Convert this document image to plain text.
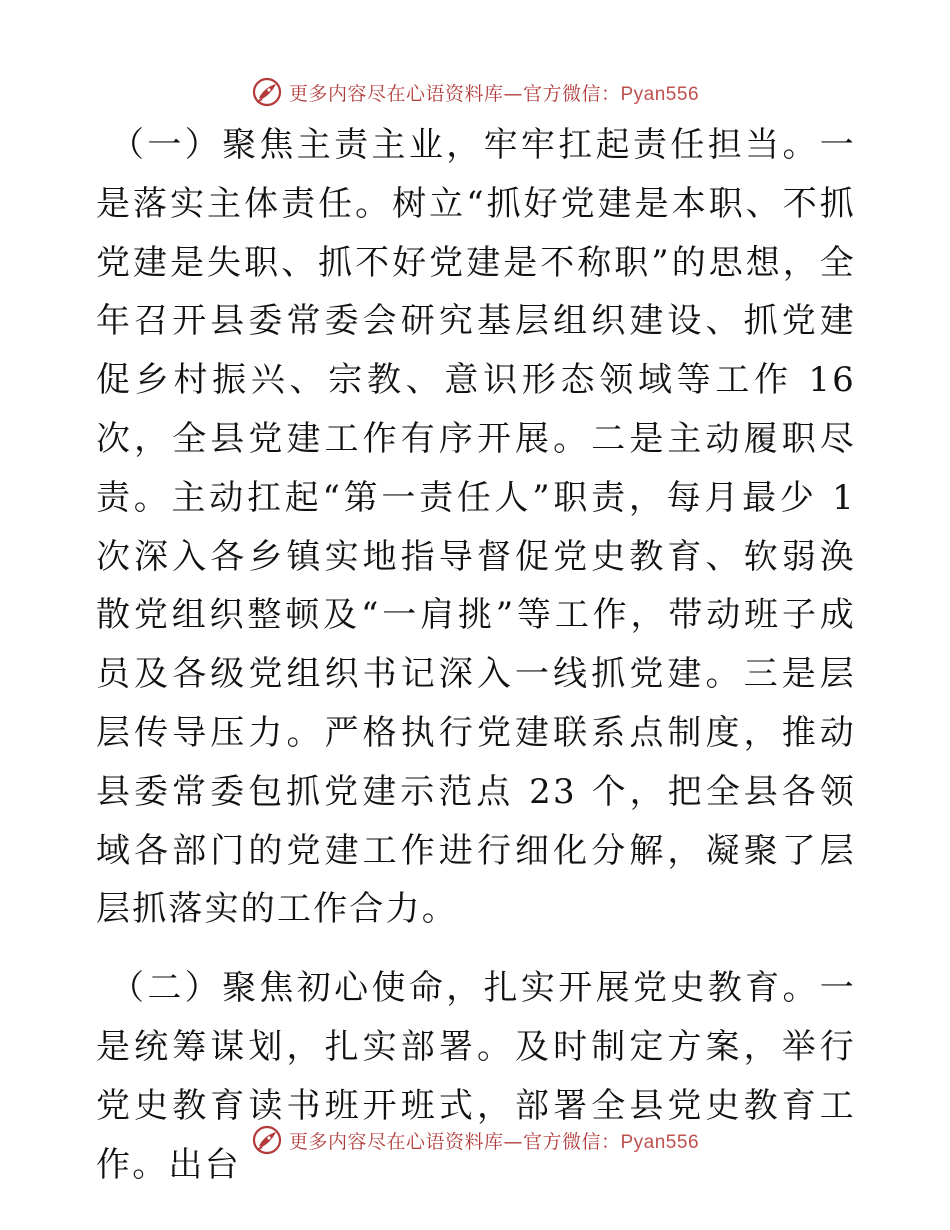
更多内容尽在心语资料库—官方微信：Pyan556

（一）聚焦主责主业，牢牢扛起责任担当。一是落实主体责任。树立“抓好党建是本职、不抓党建是失职、抓不好党建是不称职”的思想，全年召开县委常委会研究基层组织建设、抓党建促乡村振兴、宗教、意识形态领域等工作 16 次，全县党建工作有序开展。二是主动履职尽责。主动扛起“第一责任人”职责，每月最少 1 次深入各乡镇实地指导督促党史教育、软弱涣散党组织整顿及“一肩挑”等工作，带动班子成员及各级党组织书记深入一线抓党建。三是层层传导压力。严格执行党建联系点制度，推动县委常委包抓党建示范点 23 个，把全县各领域各部门的党建工作进行细化分解，凝聚了层层抓落实的工作合力。

（二）聚焦初心使命，扎实开展党史教育。一是统筹谋划，扎实部署。及时制定方案，举行党史教育读书班开班式，部署全县党史教育工作。出台

更多内容尽在心语资料库—官方微信：Pyan556
